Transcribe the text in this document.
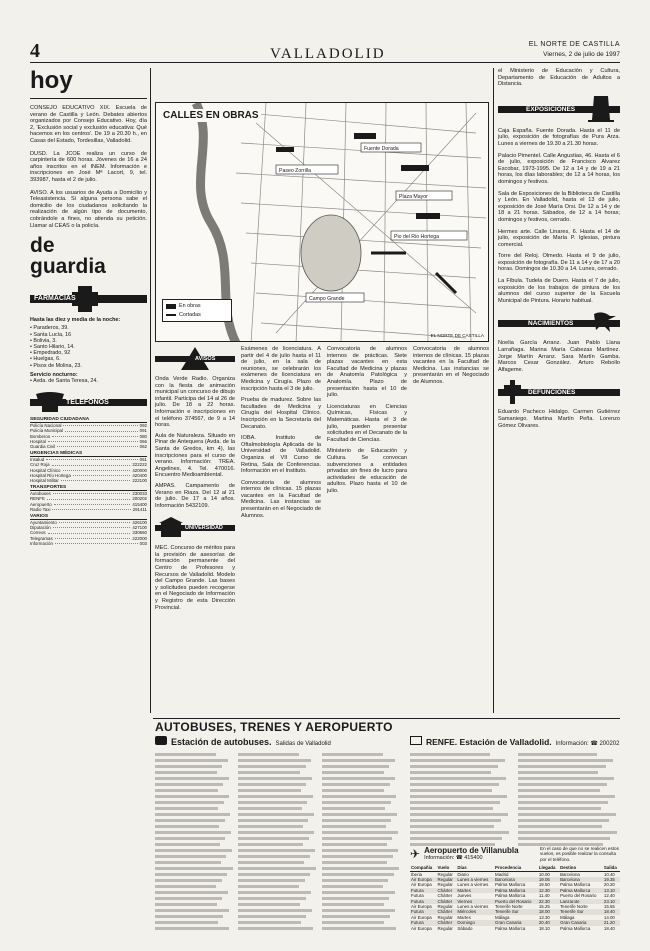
4	VALLADOLID
EL NORTE DE CASTILLA
Viernes, 2 de julio de 1997
hoy

CONSEJO EDUCATIVO XIX. Escuela de verano de Castilla y León. Debates abiertos organizados por Consejo Educativo. Hoy, día 2, 'Exclusión social y exclusión educativa: Qué hacemos en los centros'. De 19 a 20.30 h., en Casas del Estado, Tordesillas, Valladolid.

DUSD. La JCOE realiza un curso de carpintería de 600 horas. Jóvenes de 16 a 24 años inscritos en el INEM. Información e inscripciones en José Mª Lacort, 9, tel. 393987, hasta el 2 de julio.

AVISO. A los usuarios de Ayuda a Domicilio y Teleasistencia. Si alguna persona sabe el domicilio de los ciudadanos solicitando la realización de algún tipo de documento, cobrándole a fines, no atienda su petición. Llamar al CEAS o la policía.

de guardia
FARMACIAS

Hasta las diez y media de la noche:

• Paraderos, 39.
• Santa Lucía, 16
• Bolivia, 3.
• Santo Hilario, 14.
• Empedrado, 92
• Huelgas, 6.
• Pisos de Molina, 23.

Servicio nocturno:

• Avda. de Santa Teresa, 24.

TELÉFONOS
SEGURIDAD CIUDADANA
Policía Nacional	092
Policía Municipal	091
Bomberos	080
Hospital	066
Guardia Civil	062
URGENCIAS MÉDICAS
Insalud	061
Cruz Roja	222222
Hospital Clínico	420000
Hospital Río Hortega	420400
Hospital Militar	222100
TRANSPORTES
Autobuses	230033
RENFE	200202
Aeropuerto	415400
Radio Taxi	291411
VARIOS
Ayuntamiento	426100
Diputación	427100
Correos	330660
Telegramas	222000
Información	003
Fuente Dorada
Paseo Zorrilla
Plaza Mayor
Pio del Rio Hortega
Campo Grande
CALLES EN OBRAS
En obras
Cortadas
EL NORTE DE CASTILLA
AVISOS

Onda Verde Radio. Organiza con la fiesta de animación municipal un concurso de dibujo infantil. Participa del 14 al 26 de julio. De 18 a 22 horas. Información e inscripciones en el teléfono 374567, de 9 a 14 horas.

Aula de Naturaleza. Situado en Pinar de Antequera (Avda. de la Santa de Gredos, km 4), las inscripciones para el curso de verano. Información: TREA. Angelines, 4. Tel. 470016. Encuentro Medioambiental.

AMPAS. Campamento de Verano en Riaza. Del 12 al 21 de julio. De 17 a 14 años. Información 5432109.

UNIVERSIDAD

MEC. Concurso de méritos para la provisión de asesorías de formación permanente del Centro de Profesores y Recursos de Valladolid. Modelo del Campo Grande. Las bases y solicitudes pueden recogerse en el Negociado de Información y Registro de esta Dirección Provincial.

Exámenes de licenciatura. A partir del 4 de julio hasta el 11 de julio, en la sala de reuniones, se celebrarán los exámenes de licenciatura en Medicina y Cirugía. Plazo de inscripción hasta el 3 de julio.

Prueba de madurez. Sobre las facultades de Medicina y Cirugía del Hospital Clínico. Inscripción en la Secretaría del Decanato.

IOBA. Instituto de Oftalmobiología Aplicada de la Universidad de Valladolid. Organiza el VII Curso de Retina, Sala de Conferencias. Información en el Instituto.

Convocatoria de alumnos internos de clínicas. 15 plazas vacantes en la Facultad de Medicina. Las instancias se presentarán en el Negociado de Alumnos.

Convocatoria de alumnos internos de prácticas. Siete plazas vacantes en esta Facultad de Medicina y plazas de Anatomía Patológica y Anatomía. Plazo de presentación hasta el 10 de julio.

Licenciaturas en Ciencias Químicas, Físicas y Matemáticas. Hasta el 3 de julio, pueden presentar solicitudes en el Decanato de la Facultad de Ciencias.

Ministerio de Educación y Cultura. Se convocan subvenciones a entidades privadas sin fines de lucro para actividades de educación de adultos. Plazo hasta el 10 de julio.

Convocatoria de alumnos internos de clínicas. 15 plazas vacantes en la Facultad de Medicina. Las instancias se presentarán en el Negociado de Alumnos.

el Ministerio de Educación y Cultura, Departamento de Educación de Adultos a Distancia.

EXPOSICIONES

Caja España. Fuente Dorada. Hasta el 11 de julio, exposición de fotografías de Pura Arza. Lunes a viernes de 19.30 a 21.30 horas.

Palacio Pimentel. Calle Angustias, 46. Hasta el 6 de julio, exposición de Francisco Alvarez Escobar, 1973-1995. De 12 a 14 y de 19 a 21 horas, los días laborables; de 12 a 14 horas, los domingos y festivos.

Sala de Exposiciones de la Biblioteca de Castilla y León. En Valladolid, hasta el 13 de julio, exposición de José María Orsi. De 12 a 14 y de 18 a 21 horas. Sábados, de 12 a 14 horas; domingos y festivos, cerrado.

Hermes arte. Calle Linares, 6. Hasta el 14 de julio, exposición de María P. Iglesias, pintura comercial.

Torre del Reloj. Olmedo. Hasta el 9 de julio, exposición de fotografía. De 11 a 14 y de 17 a 20 horas. Domingos de 10.30 a 14. Lunes, cerrado.

La Fíbula. Tudela de Duero. Hasta el 7 de julio, exposición de los trabajos de pintura de los alumnos del curso superior de la Escuela Municipal de Pintura. Horario habitual.

NACIMIENTOS

Noelia García Arranz. Juan Pablo Llana Larrañaga. Marina María Cabezas Martínez. Jorge Martín Arranz. Sara Martín Gamba. Marcos Cesar González. Arturo Rebollo Alfageme.

DEFUNCIONES

Eduardo Pacheco Hidalgo. Carmen Gutiérrez Samaniego. Martina Martín Peña. Lorenzo Gómez Olivares.

AUTOBUSES, TRENES Y AEROPUERTO
Estación de autobuses. Salidas de Valladolid	RENFE. Estación de Valladolid. Información: ☎ 200202
✈ Aeropuerto de Villanubla
Información: ☎ 415400
En el caso de que no se realicen estos vuelos, es posible realizar la consulta por el teléfono.
Compañía	Vuelo	Días	Procedencia	Llegada	Destino	Salida
Iberia	Regular	Diario	Madrid	10.00	Barcelona	10.40
Air Europa	Regular	Lunes a viernes	Barcelona	19.05	Barcelona	19.35
Air Europa	Regular	Lunes a viernes	Palma Mallorca	19.50	Palma Mallorca	20.20
Futura	Chárter	Martes	Palma Mallorca	12.30	Palma Mallorca	13.10
Futura	Chárter	Jueves	Palma Mallorca	11.40	Puerto del Rosario	12.40
Futura	Chárter	Viernes	Puerto del Rosario	22.30	Lanzarote	23.10
Air Europa	Regular	Lunes a viernes	Tenerife Norte	15.25	Tenerife Norte	15.55
Futura	Chárter	Miércoles	Tenerife Sur	18.00	Tenerife Sur	18.40
Air Europa	Regular	Martes	Málaga	13.30	Málaga	14.00
Futura	Chárter	Domingo	Gran Canaria	20.40	Gran Canaria	21.20
Air Europa	Regular	Sábado	Palma Mallorca	18.10	Palma Mallorca	18.40
